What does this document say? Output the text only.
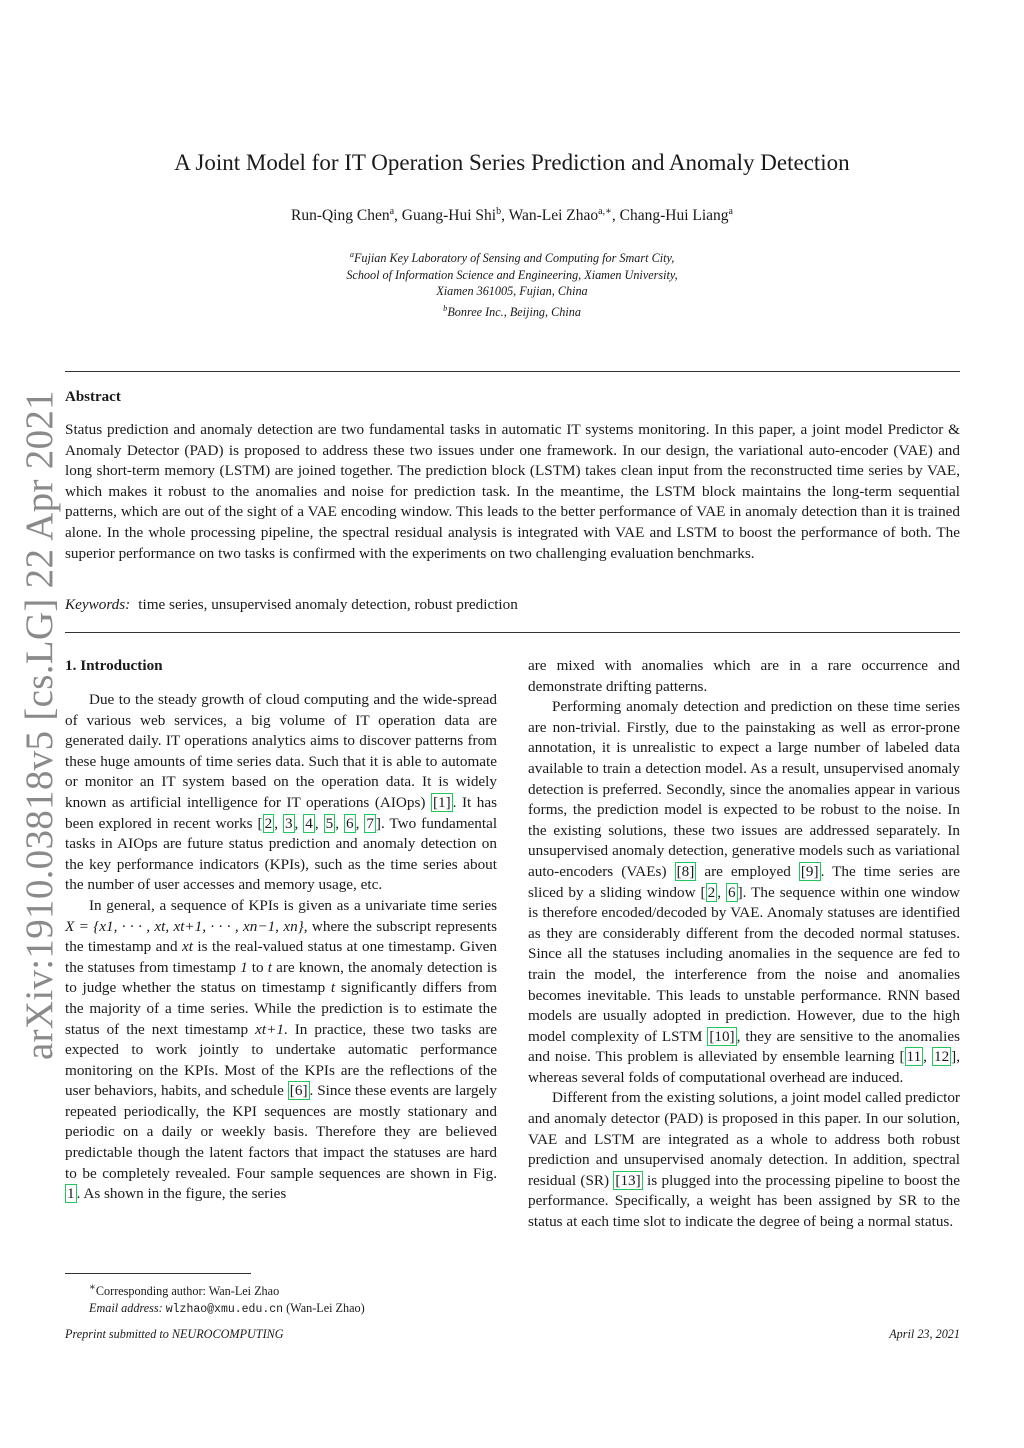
arXiv:1910.03818v5 [cs.LG] 22 Apr 2021
A Joint Model for IT Operation Series Prediction and Anomaly Detection
Run-Qing Chen$^a$, Guang-Hui Shi$^b$, Wan-Lei Zhao$^{a,∗}$, Chang-Hui Liang$^a$
$^a$Fujian Key Laboratory of Sensing and Computing for Smart City,
School of Information Science and Engineering, Xiamen University,
Xiamen 361005, Fujian, China
$^b$Bonree Inc., Beijing, China
Abstract
Status prediction and anomaly detection are two fundamental tasks in automatic IT systems monitoring. In this paper, a joint model Predictor & Anomaly Detector (PAD) is proposed to address these two issues under one framework. In our design, the variational auto-encoder (VAE) and long short-term memory (LSTM) are joined together. The prediction block (LSTM) takes clean input from the reconstructed time series by VAE, which makes it robust to the anomalies and noise for prediction task. In the meantime, the LSTM block maintains the long-term sequential patterns, which are out of the sight of a VAE encoding window. This leads to the better performance of VAE in anomaly detection than it is trained alone. In the whole processing pipeline, the spectral residual analysis is integrated with VAE and LSTM to boost the performance of both. The superior performance on two tasks is confirmed with the experiments on two challenging evaluation benchmarks.
Keywords: time series, unsupervised anomaly detection, robust prediction
1. Introduction

Due to the steady growth of cloud computing and the wide-spread of various web services, a big volume of IT operation data are generated daily. IT operations analytics aims to discover patterns from these huge amounts of time series data. Such that it is able to automate or monitor an IT system based on the operation data. It is widely known as artificial intelligence for IT operations (AIOps) [1] . It has been explored in recent works [ 2 , 3 , 4 , 5 , 6 , 7 ]. Two fundamental tasks in AIOps are future status prediction and anomaly detection on the key performance indicators (KPIs), such as the time series about the number of user accesses and memory usage, etc.

In general, a sequence of KPIs is given as a univariate time series X = {x1, · · · , xt, xt+1, · · · , xn−1, xn}, where the subscript represents the timestamp and xt is the real-valued status at one timestamp. Given the statuses from timestamp 1 to t are known, the anomaly detection is to judge whether the status on timestamp t significantly differs from the majority of a time series. While the prediction is to estimate the status of the next timestamp xt+1. In practice, these two tasks are expected to work jointly to undertake automatic performance monitoring on the KPIs. Most of the KPIs are the reflections of the user behaviors, habits, and schedule [6] . Since these events are largely repeated periodically, the KPI sequences are mostly stationary and periodic on a daily or weekly basis. Therefore they are believed predictable though the latent factors that impact the statuses are hard to be completely revealed. Four sample sequences are shown in Fig. 1 . As shown in the figure, the series

are mixed with anomalies which are in a rare occurrence and demonstrate drifting patterns.

Performing anomaly detection and prediction on these time series are non-trivial. Firstly, due to the painstaking as well as error-prone annotation, it is unrealistic to expect a large number of labeled data available to train a detection model. As a result, unsupervised anomaly detection is preferred. Secondly, since the anomalies appear in various forms, the prediction model is expected to be robust to the noise. In the existing solutions, these two issues are addressed separately. In unsupervised anomaly detection, generative models such as variational auto-encoders (VAEs) [8] are employed [9] . The time series are sliced by a sliding window [ 2 , 6 ]. The sequence within one window is therefore encoded/decoded by VAE. Anomaly statuses are identified as they are considerably different from the decoded normal statuses. Since all the statuses including anomalies in the sequence are fed to train the model, the interference from the noise and anomalies becomes inevitable. This leads to unstable performance. RNN based models are usually adopted in prediction. However, due to the high model complexity of LSTM [10] , they are sensitive to the anomalies and noise. This problem is alleviated by ensemble learning [ 11 , 12 ], whereas several folds of computational overhead are induced.

Different from the existing solutions, a joint model called predictor and anomaly detector (PAD) is proposed in this paper. In our solution, VAE and LSTM are integrated as a whole to address both robust prediction and unsupervised anomaly detection. In addition, spectral residual (SR) [13] is plugged into the processing pipeline to boost the performance. Specifically, a weight has been assigned by SR to the status at each time slot to indicate the degree of being a normal status.

∗Corresponding author: Wan-Lei Zhao
Email address: wlzhao@xmu.edu.cn (Wan-Lei Zhao)
Preprint submitted to NEUROCOMPUTING	April 23, 2021
